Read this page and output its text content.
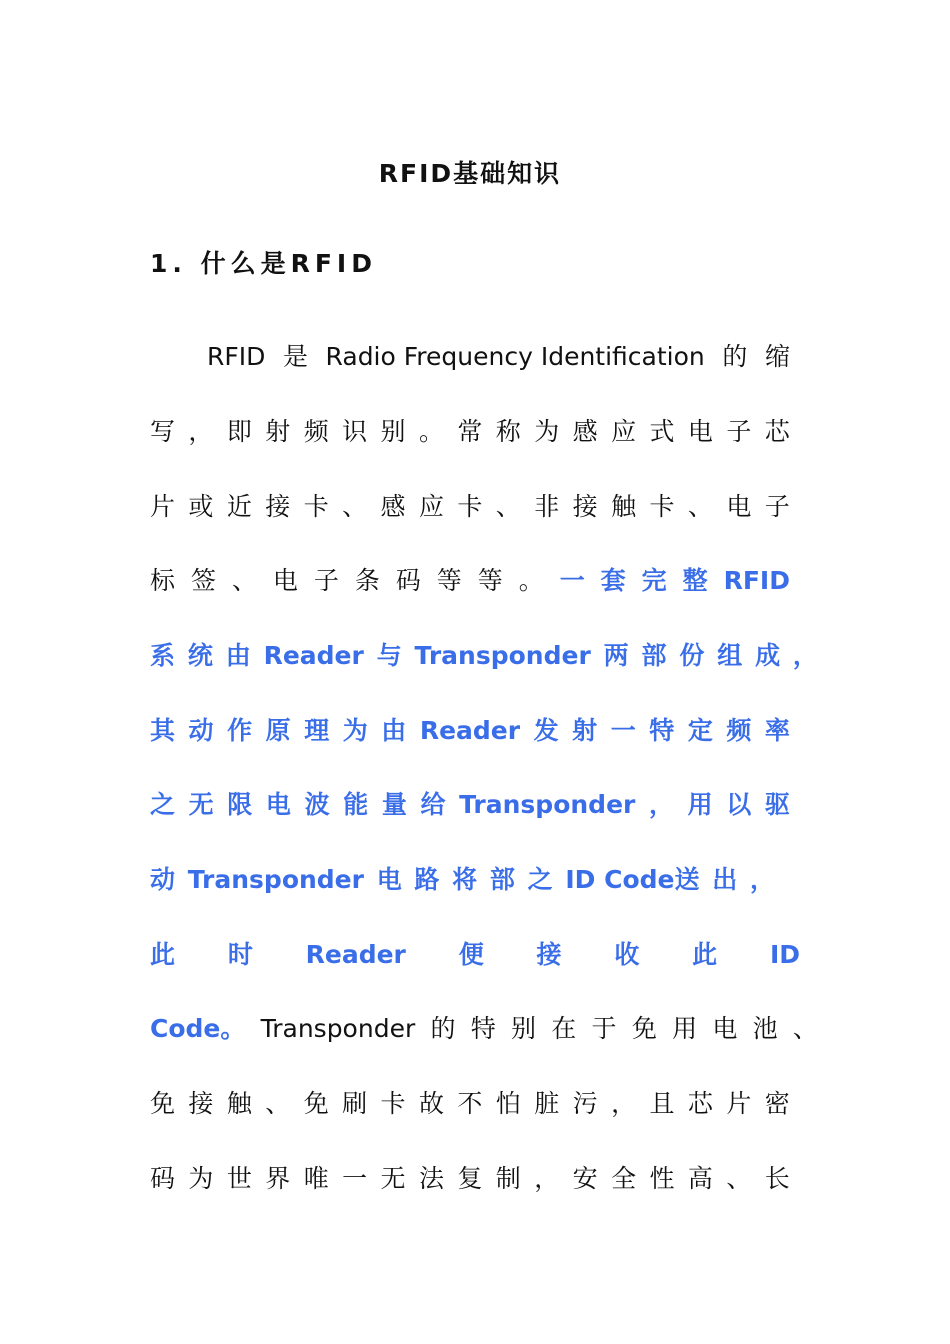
RFID基础知识
1. 什么是RFID
RFID 是 Radio Frequency Identification 的 缩
写 ， 即 射 频 识 别 。 常 称 为 感 应 式 电 子 芯
片 或 近 接 卡 、 感 应 卡 、 非 接 触 卡 、 电 子
标 签 、 电 子 条 码 等 等 。 一 套 完 整 RFID
系 统 由 Reader 与 Transponder 两 部 份 组 成 ，
其 动 作 原 理 为 由 Reader 发 射 一 特 定 频 率
之 无 限 电 波 能 量 给 Transponder ， 用 以 驱
动 Transponder 电 路 将 部 之 ID Code送 出 ，
此 时 Reader 便 接 收 此 ID
Code。 Transponder 的 特 别 在 于 免 用 电 池 、
免 接 触 、 免 刷 卡 故 不 怕 脏 污 ， 且 芯 片 密
码 为 世 界 唯 一 无 法 复 制 ， 安 全 性 高 、 长
